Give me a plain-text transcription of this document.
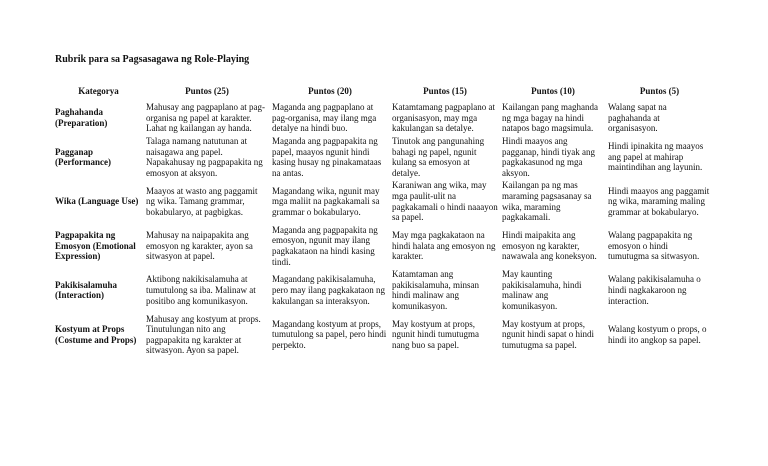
Rubrik para sa Pagsasagawa ng Role-Playing
Kategorya	Puntos (25)	Puntos (20)	Puntos (15)	Puntos (10)	Puntos (5)
Paghahanda (Preparation)	Mahusay ang pagpaplano at pag-organisa ng papel at karakter. Lahat ng kailangan ay handa.	Maganda ang pagpaplano at pag-organisa, may ilang mga detalye na hindi buo.	Katamtamang pagpaplano at organisasyon, may mga kakulangan sa detalye.	Kailangan pang maghanda ng mga bagay na hindi natapos bago magsimula.	Walang sapat na paghahanda at organisasyon.
Pagganap (Performance)	Talaga namang natutunan at naisagawa ang papel. Napakahusay ng pagpapakita ng emosyon at aksyon.	Maganda ang pagpapakita ng papel, maayos ngunit hindi kasing husay ng pinakamataas na antas.	Tinutok ang pangunahing bahagi ng papel, ngunit kulang sa emosyon at detalye.	Hindi maayos ang pagganap, hindi tiyak ang pagkakasunod ng mga aksyon.	Hindi ipinakita ng maayos ang papel at mahirap maintindihan ang layunin.
Wika (Language Use)	Maayos at wasto ang paggamit ng wika. Tamang grammar, bokabularyo, at pagbigkas.	Magandang wika, ngunit may mga maliit na pagkakamali sa grammar o bokabularyo.	Karaniwan ang wika, may mga paulit-ulit na pagkakamali o hindi naaayon sa papel.	Kailangan pa ng mas maraming pagsasanay sa wika, maraming pagkakamali.	Hindi maayos ang paggamit ng wika, maraming maling grammar at bokabularyo.
Pagpapakita ng Emosyon (Emotional Expression)	Mahusay na naipapakita ang emosyon ng karakter, ayon sa sitwasyon at papel.	Maganda ang pagpapakita ng emosyon, ngunit may ilang pagkakataon na hindi kasing tindi.	May mga pagkakataon na hindi halata ang emosyon ng karakter.	Hindi maipakita ang emosyon ng karakter, nawawala ang koneksyon.	Walang pagpapakita ng emosyon o hindi tumutugma sa sitwasyon.
Pakikisalamuha (Interaction)	Aktibong nakikisalamuha at tumutulong sa iba. Malinaw at positibo ang komunikasyon.	Magandang pakikisalamuha, pero may ilang pagkakataon ng kakulangan sa interaksyon.	Katamtaman ang pakikisalamuha, minsan hindi malinaw ang komunikasyon.	May kaunting pakikisalamuha, hindi malinaw ang komunikasyon.	Walang pakikisalamuha o hindi nagkakaroon ng interaction.
Kostyum at Props (Costume and Props)	Mahusay ang kostyum at props. Tinutulungan nito ang pagpapakita ng karakter at sitwasyon. Ayon sa papel.	Magandang kostyum at props, tumutulong sa papel, pero hindi perpekto.	May kostyum at props, ngunit hindi tumutugma nang buo sa papel.	May kostyum at props, ngunit hindi sapat o hindi tumutugma sa papel.	Walang kostyum o props, o hindi ito angkop sa papel.
